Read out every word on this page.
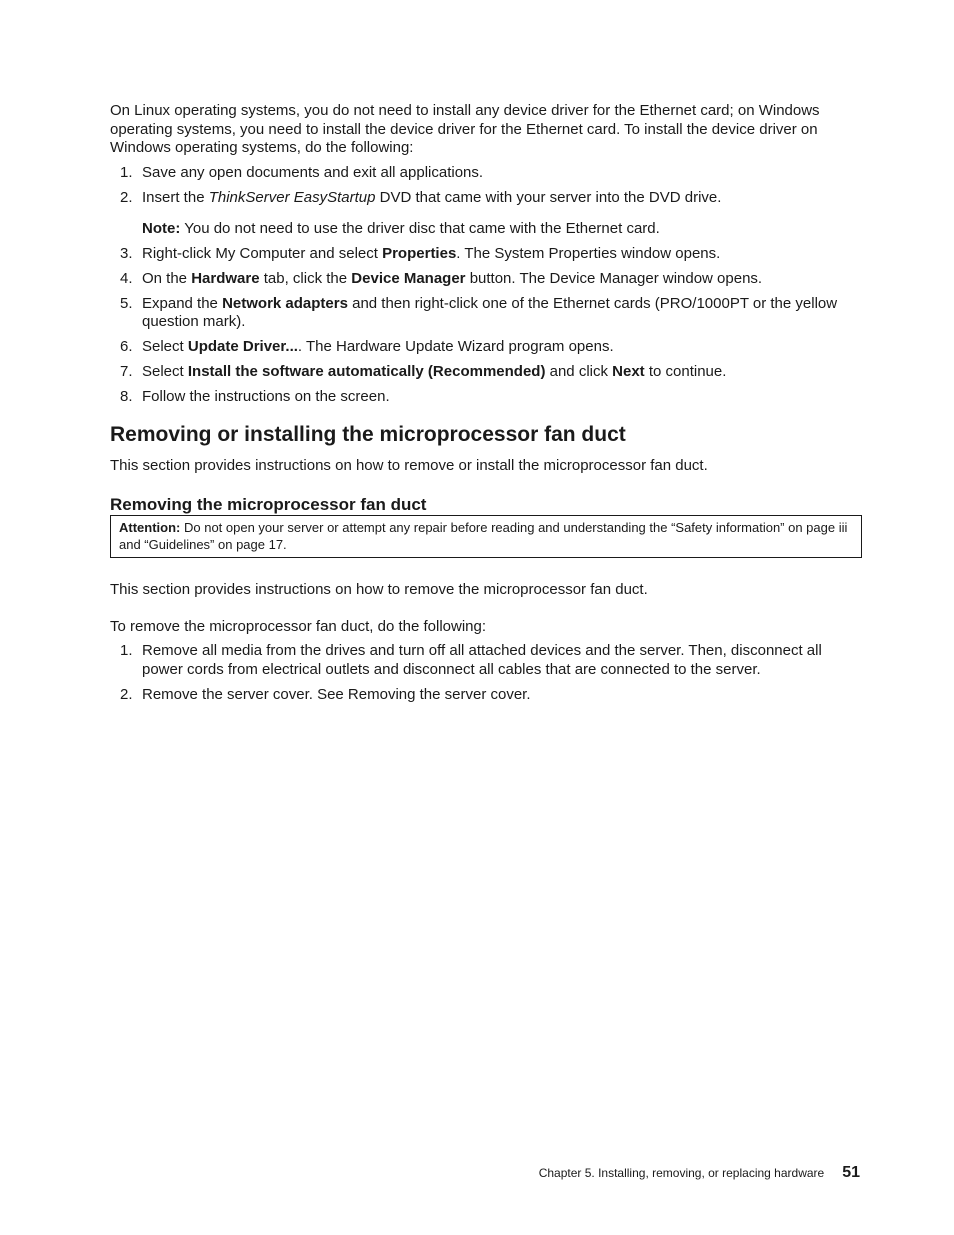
On Linux operating systems, you do not need to install any device driver for the Ethernet card; on Windows operating systems, you need to install the device driver for the Ethernet card. To install the device driver on Windows operating systems, do the following:

1. Save any open documents and exit all applications.
2. Insert the ThinkServer EasyStartup DVD that came with your server into the DVD drive.

Note: You do not need to use the driver disc that came with the Ethernet card.

3. Right-click My Computer and select Properties. The System Properties window opens.
4. On the Hardware tab, click the Device Manager button. The Device Manager window opens.
5. Expand the Network adapters and then right-click one of the Ethernet cards (PRO/1000PT or the yellow question mark).
6. Select Update Driver.... The Hardware Update Wizard program opens.
7. Select Install the software automatically (Recommended) and click Next to continue.
8. Follow the instructions on the screen.
Removing or installing the microprocessor fan duct

This section provides instructions on how to remove or install the microprocessor fan duct.

Removing the microprocessor fan duct
Attention: Do not open your server or attempt any repair before reading and understanding the “Safety information” on page iii and “Guidelines” on page 17.

This section provides instructions on how to remove the microprocessor fan duct.

To remove the microprocessor fan duct, do the following:

1. Remove all media from the drives and turn off all attached devices and the server. Then, disconnect all power cords from electrical outlets and disconnect all cables that are connected to the server.
2. Remove the server cover. See Removing the server cover.
Chapter 5. Installing, removing, or replacing hardware 51
